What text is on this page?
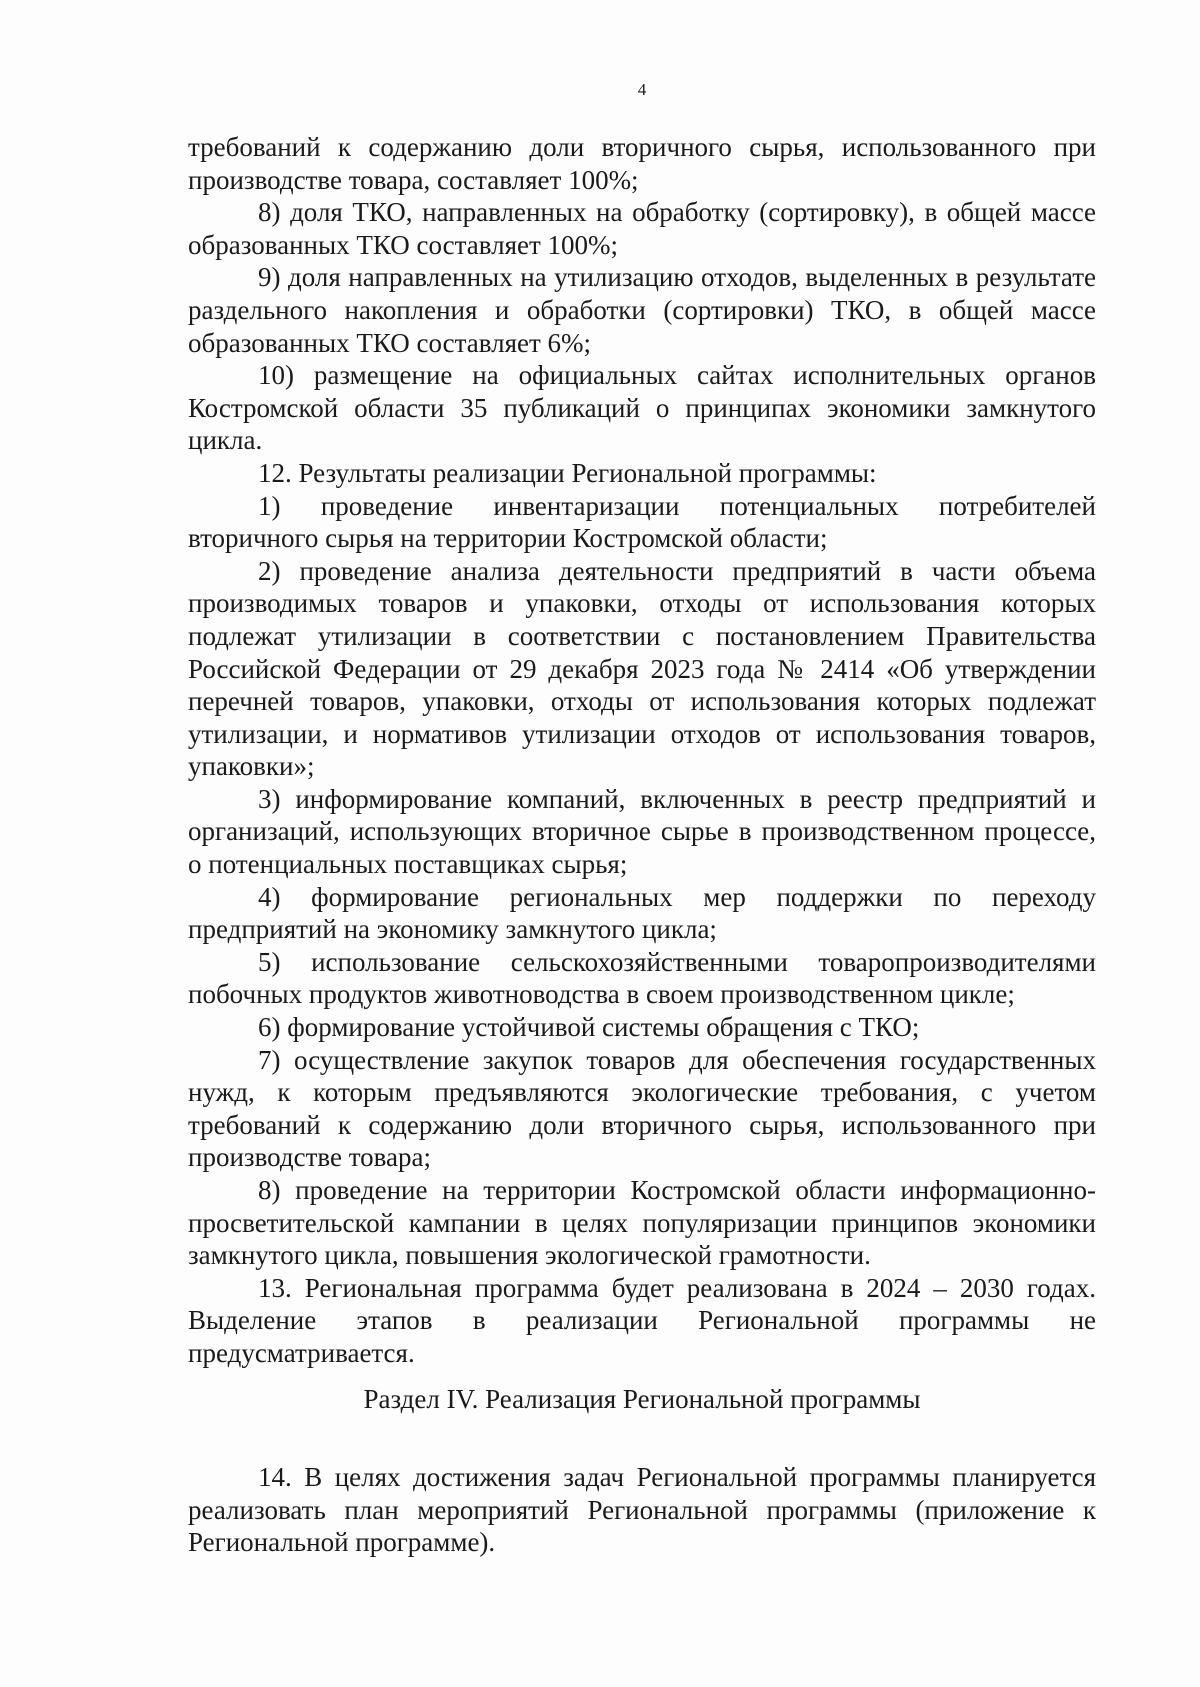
4

требований к содержанию доли вторичного сырья, использованного при производстве товара, составляет 100%;

8) доля ТКО, направленных на обработку (сортировку), в общей массе образованных ТКО составляет 100%;

9) доля направленных на утилизацию отходов, выделенных в результате раздельного накопления и обработки (сортировки) ТКО, в общей массе образованных ТКО составляет 6%;

10) размещение на официальных сайтах исполнительных органов Костромской области 35 публикаций о принципах экономики замкнутого цикла.

12. Результаты реализации Региональной программы:

1) проведение инвентаризации потенциальных потребителей вторичного сырья на территории Костромской области;

2) проведение анализа деятельности предприятий в части объема производимых товаров и упаковки, отходы от использования которых подлежат утилизации в соответствии с постановлением Правительства Российской Федерации от 29 декабря 2023 года № 2414 «Об утверждении перечней товаров, упаковки, отходы от использования которых подлежат утилизации, и нормативов утилизации отходов от использования товаров, упаковки»;

3) информирование компаний, включенных в реестр предприятий и организаций, использующих вторичное сырье в производственном процессе, о потенциальных поставщиках сырья;

4) формирование региональных мер поддержки по переходу предприятий на экономику замкнутого цикла;

5) использование сельскохозяйственными товаропроизводителями побочных продуктов животноводства в своем производственном цикле;

6) формирование устойчивой системы обращения с ТКО;

7) осуществление закупок товаров для обеспечения государственных нужд, к которым предъявляются экологические требования, с учетом требований к содержанию доли вторичного сырья, использованного при производстве товара;

8) проведение на территории Костромской области информационно-просветительской кампании в целях популяризации принципов экономики замкнутого цикла, повышения экологической грамотности.

13. Региональная программа будет реализована в 2024 – 2030 годах. Выделение этапов в реализации Региональной программы не предусматривается.

Раздел IV. Реализация Региональной программы

14. В целях достижения задач Региональной программы планируется реализовать план мероприятий Региональной программы (приложение к Региональной программе).
